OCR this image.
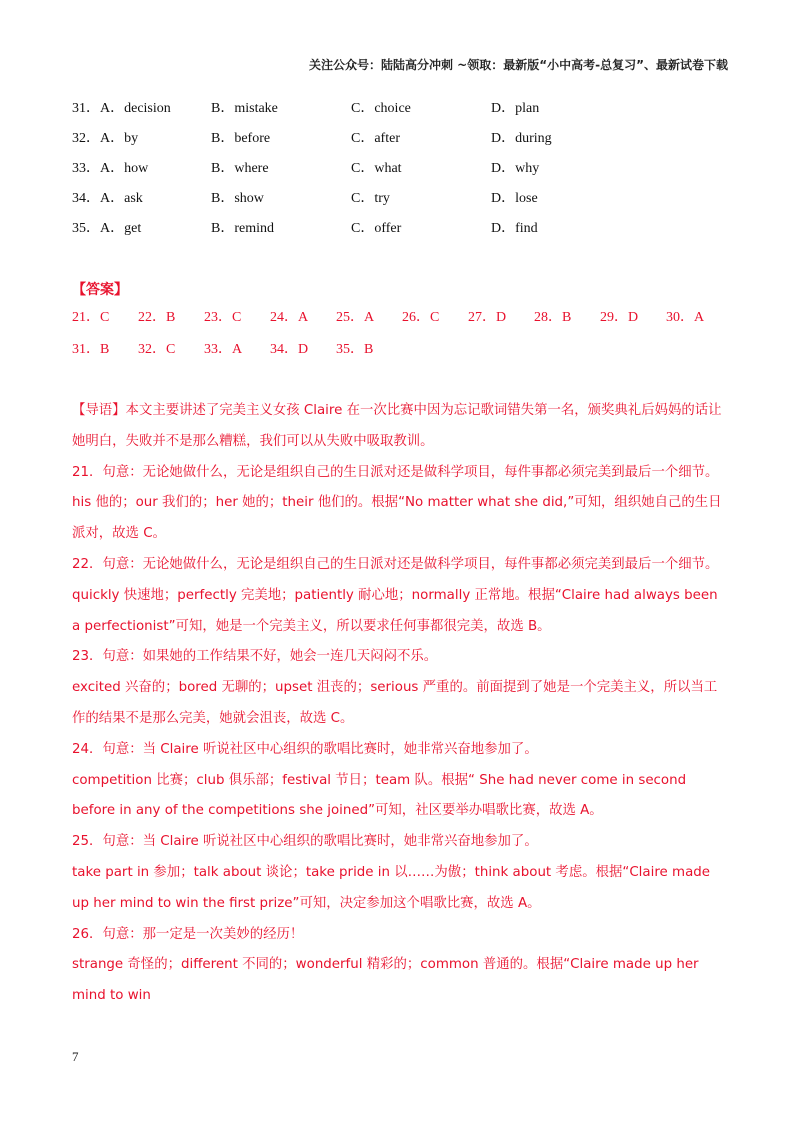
关注公众号：陆陆高分冲刺 ~领取：最新版“小中高考-总复习”、最新试卷下载
31． A．decision	B．mistake	C．choice	D．plan
32． A．by	B．before	C．after	D．during
33． A．how	B．where	C．what	D．why
34． A．ask	B．show	C．try	D．lose
35． A．get	B．remind	C．offer	D．find
【答案】
21．C 22．B 23．C 24．A 25．A 26．C 27．D 28．B 29．D 30．A
31．B 32．C 33．A 34．D 35．B

【导语】本文主要讲述了完美主义女孩 Claire 在一次比赛中因为忘记歌词错失第一名，颁奖典礼后妈妈的话让她明白，失败并不是那么糟糕，我们可以从失败中吸取教训。

21．句意：无论她做什么，无论是组织自己的生日派对还是做科学项目，每件事都必须完美到最后一个细节。

his 他的；our 我们的；her 她的；their 他们的。根据“No matter what she did,”可知，组织她自己的生日派对，故选 C。

22．句意：无论她做什么，无论是组织自己的生日派对还是做科学项目，每件事都必须完美到最后一个细节。

quickly 快速地；perfectly 完美地；patiently 耐心地；normally 正常地。根据“Claire had always been a perfectionist”可知，她是一个完美主义，所以要求任何事都很完美，故选 B。

23．句意：如果她的工作结果不好，她会一连几天闷闷不乐。

excited 兴奋的；bored 无聊的；upset 沮丧的；serious 严重的。前面提到了她是一个完美主义，所以当工作的结果不是那么完美，她就会沮丧，故选 C。

24．句意：当 Claire 听说社区中心组织的歌唱比赛时，她非常兴奋地参加了。

competition 比赛；club 俱乐部；festival 节日；team 队。根据“ She had never come in second before in any of the competitions she joined”可知，社区要举办唱歌比赛，故选 A。

25．句意：当 Claire 听说社区中心组织的歌唱比赛时，她非常兴奋地参加了。

take part in 参加；talk about 谈论；take pride in 以……为傲；think about 考虑。根据“Claire made up her mind to win the first prize”可知，决定参加这个唱歌比赛，故选 A。

26．句意：那一定是一次美妙的经历！

strange 奇怪的；different 不同的；wonderful 精彩的；common 普通的。根据“Claire made up her mind to win

7
